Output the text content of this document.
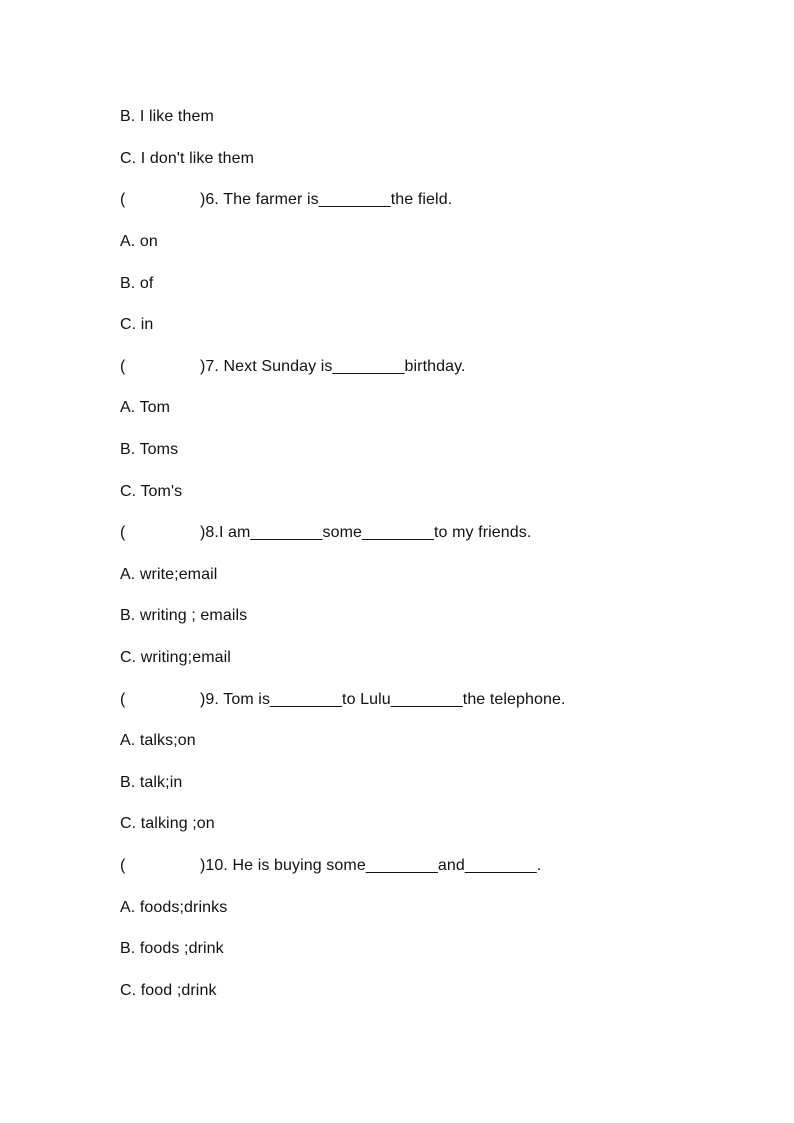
B. I like them
C. I don't like them
(	)6. The farmer is________the field.
A. on
B. of
C. in
(	)7. Next Sunday is________birthday.
A. Tom
B. Toms
C. Tom's
(	)8.I am________some________to my friends.
A. write;email
B. writing ; emails
C. writing;email
(	)9. Tom is________to Lulu________the telephone.
A. talks;on
B. talk;in
C. talking ;on
(	)10. He is buying some________and________.
A. foods;drinks
B. foods ;drink
C. food ;drink
